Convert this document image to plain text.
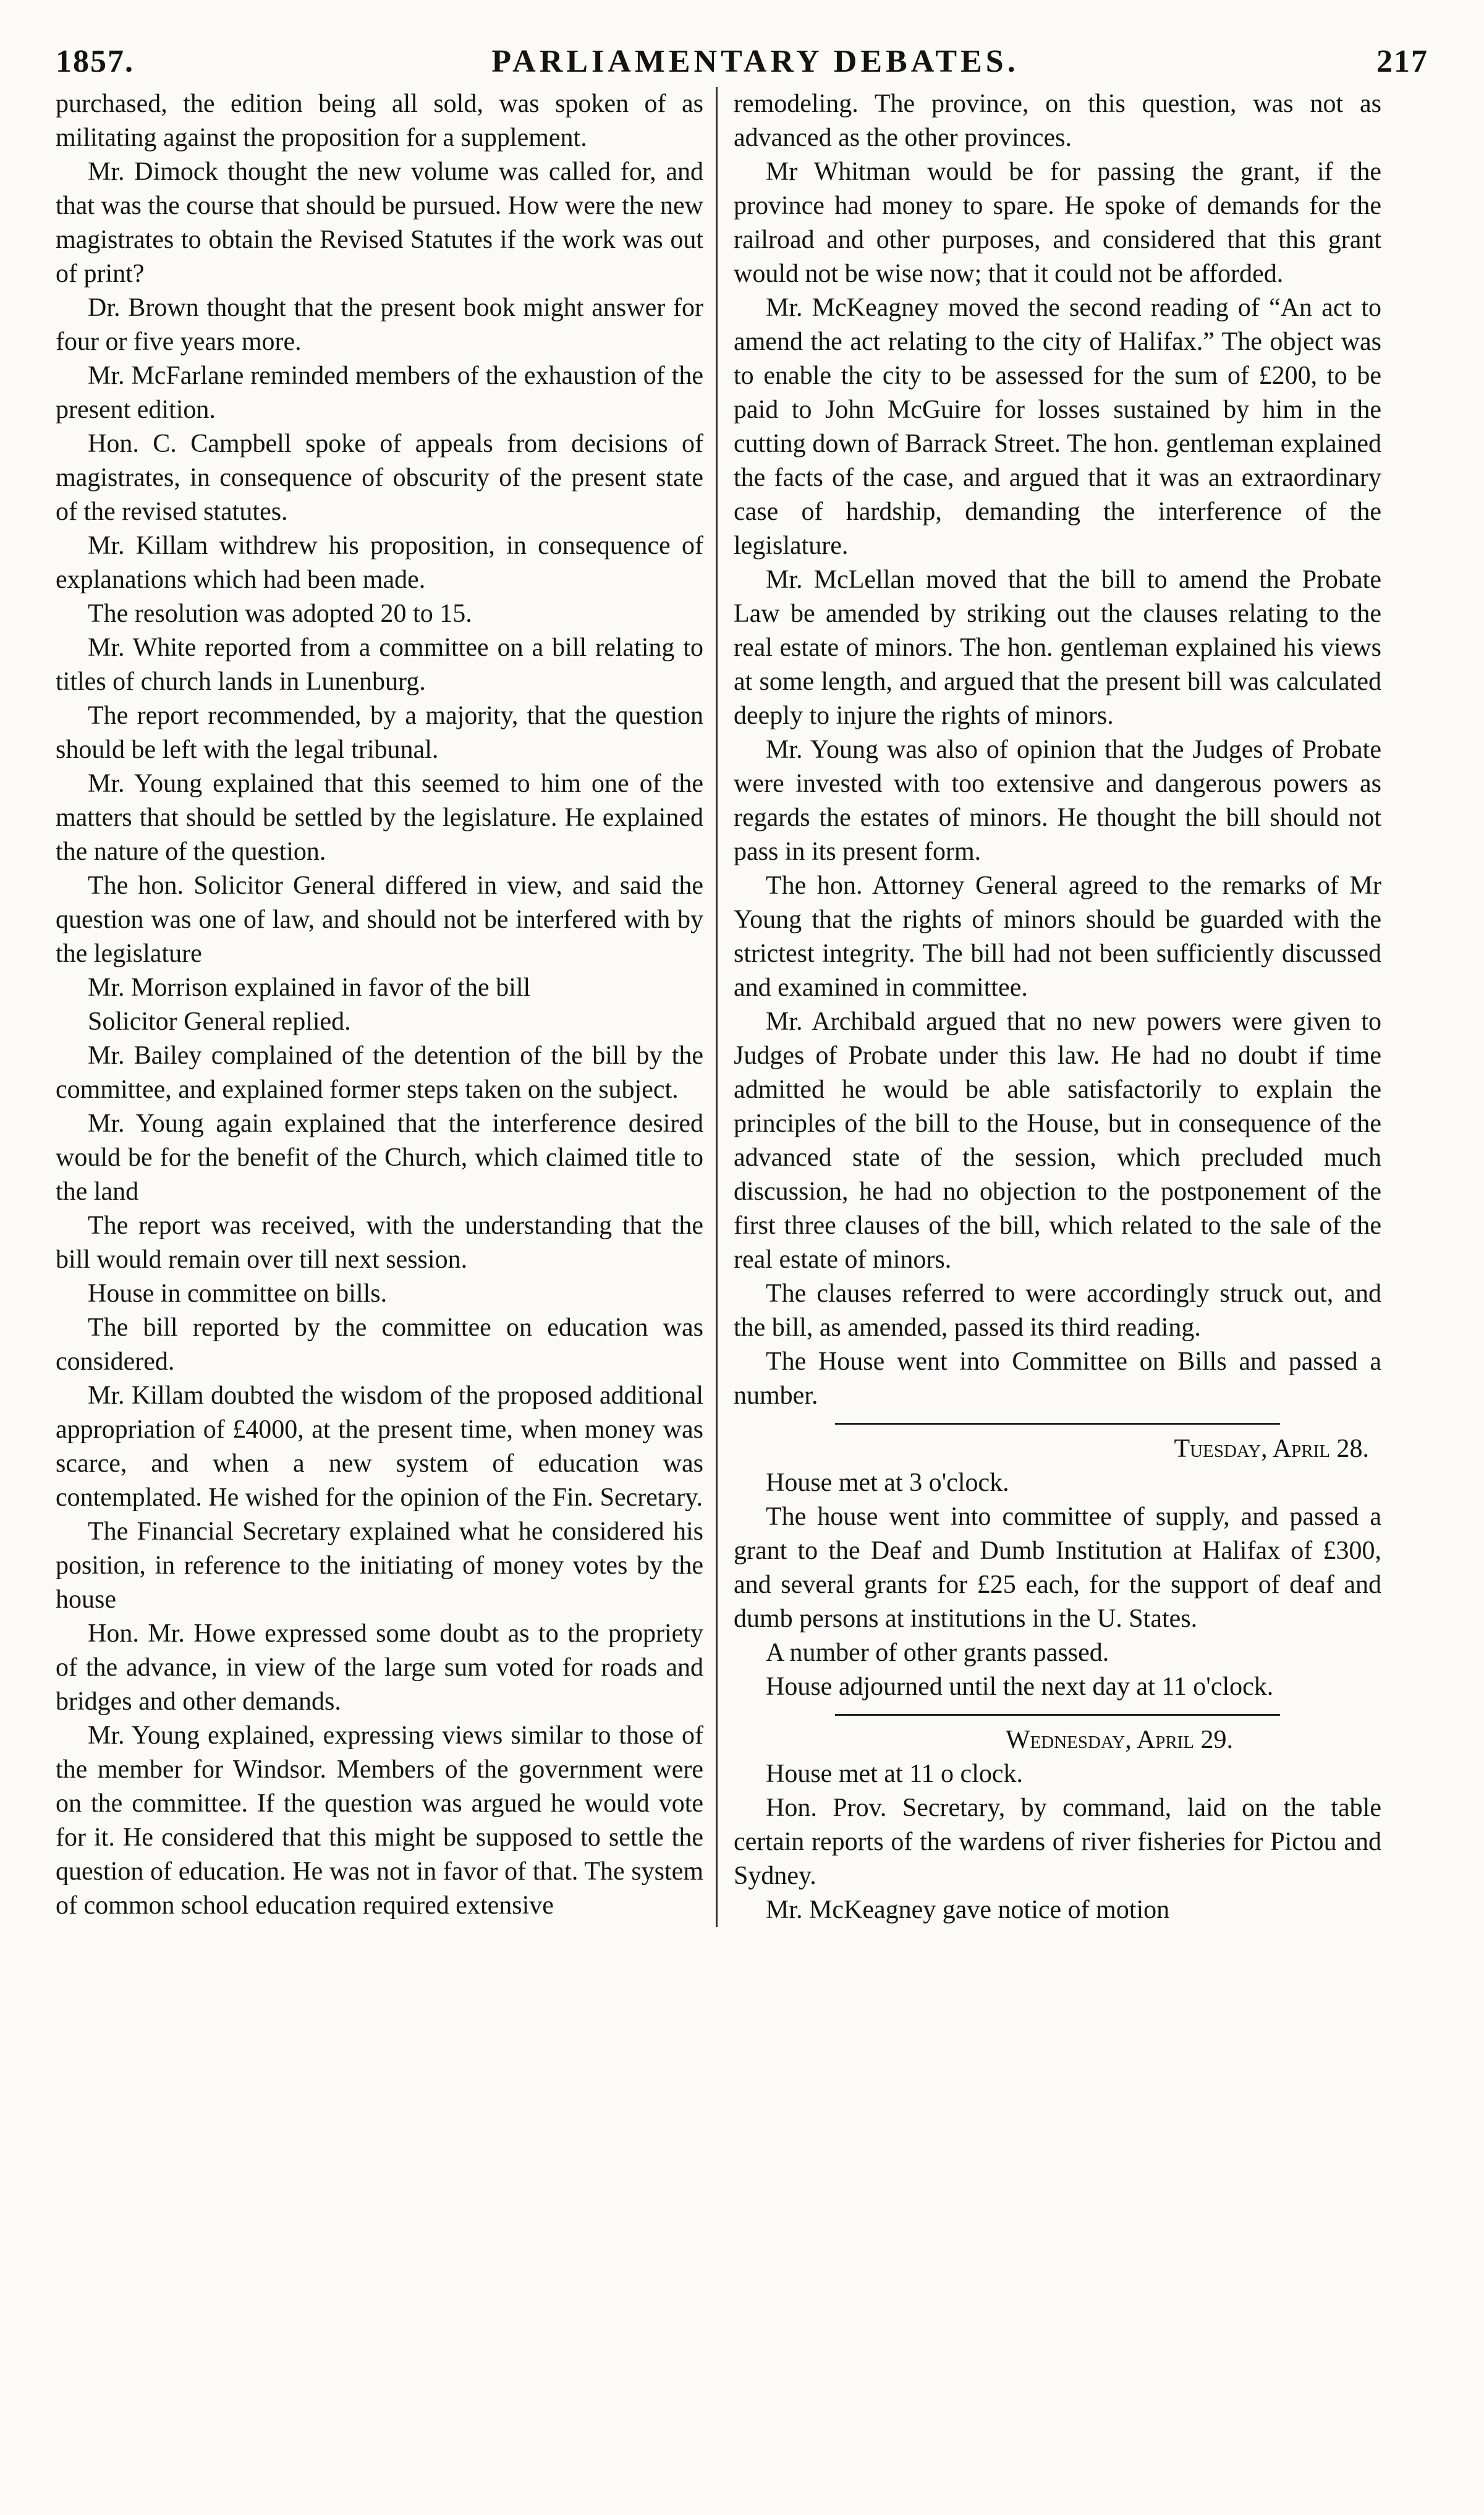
1857.	PARLIAMENTARY DEBATES.	217

purchased, the edition being all sold, was spoken of as militating against the proposition for a supplement.

Mr. Dimock thought the new volume was called for, and that was the course that should be pursued. How were the new magistrates to obtain the Revised Statutes if the work was out of print?

Dr. Brown thought that the present book might answer for four or five years more.

Mr. McFarlane reminded members of the exhaustion of the present edition.

Hon. C. Campbell spoke of appeals from decisions of magistrates, in consequence of obscurity of the present state of the revised statutes.

Mr. Killam withdrew his proposition, in consequence of explanations which had been made.

The resolution was adopted 20 to 15.

Mr. White reported from a committee on a bill relating to titles of church lands in Lunenburg.

The report recommended, by a majority, that the question should be left with the legal tribunal.

Mr. Young explained that this seemed to him one of the matters that should be settled by the legislature. He explained the nature of the question.

The hon. Solicitor General differed in view, and said the question was one of law, and should not be interfered with by the legislature

Mr. Morrison explained in favor of the bill

Solicitor General replied.

Mr. Bailey complained of the detention of the bill by the committee, and explained former steps taken on the subject.

Mr. Young again explained that the interference desired would be for the benefit of the Church, which claimed title to the land

The report was received, with the understanding that the bill would remain over till next session.

House in committee on bills.

The bill reported by the committee on education was considered.

Mr. Killam doubted the wisdom of the proposed additional appropriation of £4000, at the present time, when money was scarce, and when a new system of education was contemplated. He wished for the opinion of the Fin. Secretary.

The Financial Secretary explained what he considered his position, in reference to the initiating of money votes by the house

Hon. Mr. Howe expressed some doubt as to the propriety of the advance, in view of the large sum voted for roads and bridges and other demands.

Mr. Young explained, expressing views similar to those of the member for Windsor. Members of the government were on the committee. If the question was argued he would vote for it. He considered that this might be supposed to settle the question of education. He was not in favor of that. The system of common school education required extensive

remodeling. The province, on this question, was not as advanced as the other provinces.

Mr Whitman would be for passing the grant, if the province had money to spare. He spoke of demands for the railroad and other purposes, and considered that this grant would not be wise now; that it could not be afforded.

Mr. McKeagney moved the second reading of “An act to amend the act relating to the city of Halifax.” The object was to enable the city to be assessed for the sum of £200, to be paid to John McGuire for losses sustained by him in the cutting down of Barrack Street. The hon. gentleman explained the facts of the case, and argued that it was an extraordinary case of hardship, demanding the interference of the legislature.

Mr. McLellan moved that the bill to amend the Probate Law be amended by striking out the clauses relating to the real estate of minors. The hon. gentleman explained his views at some length, and argued that the present bill was calculated deeply to injure the rights of minors.

Mr. Young was also of opinion that the Judges of Probate were invested with too extensive and dangerous powers as regards the estates of minors. He thought the bill should not pass in its present form.

The hon. Attorney General agreed to the remarks of Mr Young that the rights of minors should be guarded with the strictest integrity. The bill had not been sufficiently discussed and examined in committee.

Mr. Archibald argued that no new powers were given to Judges of Probate under this law. He had no doubt if time admitted he would be able satisfactorily to explain the principles of the bill to the House, but in consequence of the advanced state of the session, which precluded much discussion, he had no objection to the postponement of the first three clauses of the bill, which related to the sale of the real estate of minors.

The clauses referred to were accordingly struck out, and the bill, as amended, passed its third reading.

The House went into Committee on Bills and passed a number.

Tuesday, April 28.

House met at 3 o'clock.

The house went into committee of supply, and passed a grant to the Deaf and Dumb Institution at Halifax of £300, and several grants for £25 each, for the support of deaf and dumb persons at institutions in the U. States.

A number of other grants passed.

House adjourned until the next day at 11 o'clock.

Wednesday, April 29.

House met at 11 o clock.

Hon. Prov. Secretary, by command, laid on the table certain reports of the wardens of river fisheries for Pictou and Sydney.

Mr. McKeagney gave notice of motion
